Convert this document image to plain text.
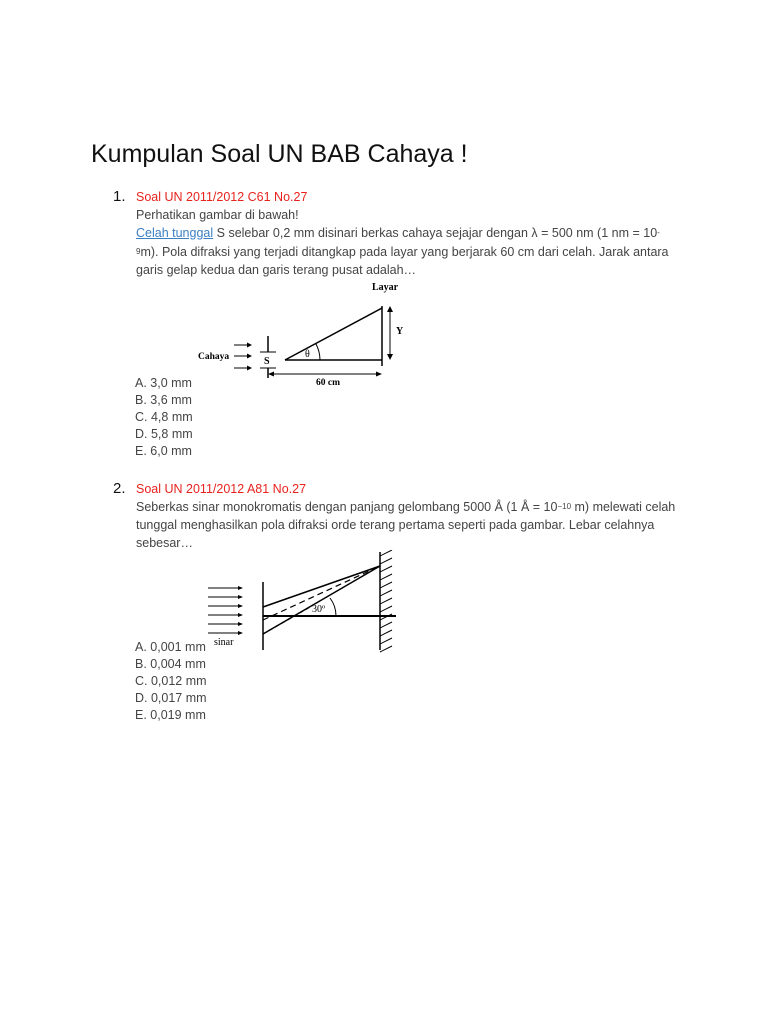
Kumpulan Soal UN BAB Cahaya !
1. Soal UN 2011/2012 C61 No.27
Perhatikan gambar di bawah!
Celah tunggal S selebar 0,2 mm disinari berkas cahaya sejajar dengan λ = 500 nm (1 nm = 10-
$^9$m). Pola difraksi yang terjadi ditangkap pada layar yang berjarak 60 cm dari celah. Jarak antara
garis gelap kedua dan garis terang pusat adalah…
Layar
θ
Y
S
Cahaya
60 cm
A. 3,0 mm
B. 3,6 mm
C. 4,8 mm
D. 5,8 mm
E. 6,0 mm
2. Soal UN 2011/2012 A81 No.27
Seberkas sinar monokromatis dengan panjang gelombang 5000 Å (1 Å = $10^{-10}$ m) melewati celah
tunggal menghasilkan pola difraksi orde terang pertama seperti pada gambar. Lebar celahnya
sebesar…
30º
sinar
A. 0,001 mm
B. 0,004 mm
C. 0,012 mm
D. 0,017 mm
E. 0,019 mm
